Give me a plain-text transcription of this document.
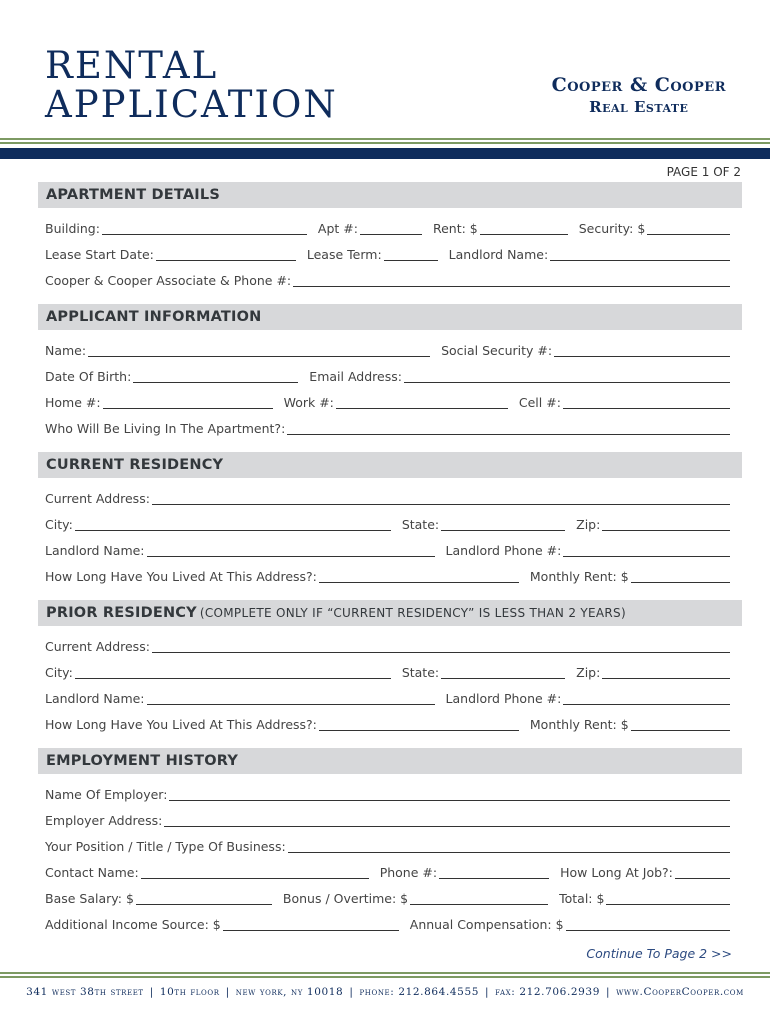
RENTAL
APPLICATION	Cooper & Cooper
Real Estate
PAGE 1 OF 2
APARTMENT DETAILS
Building:	Apt #:	Rent: $	Security: $
Lease Start Date:	Lease Term:	Landlord Name:
Cooper & Cooper Associate & Phone #:
APPLICANT INFORMATION
Name:	Social Security #:
Date Of Birth:	Email Address:
Home #:	Work #:	Cell #:
Who Will Be Living In The Apartment?:
CURRENT RESIDENCY
Current Address:
City:	State:	Zip:
Landlord Name:	Landlord Phone #:
How Long Have You Lived At This Address?:	Monthly Rent: $
PRIOR RESIDENCY (COMPLETE ONLY IF “CURRENT RESIDENCY” IS LESS THAN 2 YEARS)
Current Address:
City:	State:	Zip:
Landlord Name:	Landlord Phone #:
How Long Have You Lived At This Address?:	Monthly Rent: $
EMPLOYMENT HISTORY
Name Of Employer:
Employer Address:
Your Position / Title / Type Of Business:
Contact Name:	Phone #:	How Long At Job?:
Base Salary: $	Bonus / Overtime: $	Total: $
Additional Income Source: $	Annual Compensation: $
Continue To Page 2 >>
341 west 38th street | 10th floor | new york, ny 10018 | phone: 212.864.4555 | fax: 212.706.2939 | www.CooperCooper.com
